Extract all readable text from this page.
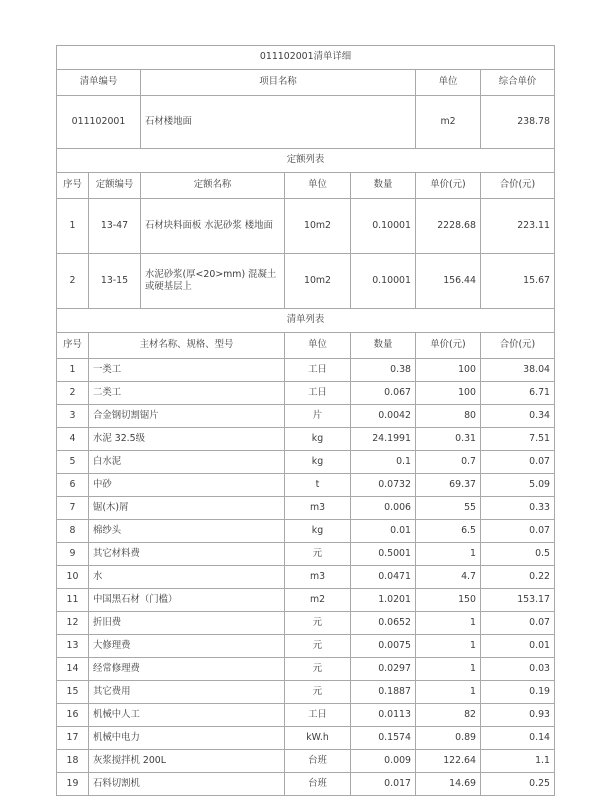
011102001清单详细						
清单编号		项目名称			单位	综合单价
011102001		石材楼地面			m2	238.78
定额列表						
序号	定额编号	定额名称	单位	数量	单价(元)	合价(元)
1	13-47	石材块料面板 水泥砂浆 楼地面	10m2	0.10001	2228.68	223.11
2	13-15	水泥砂浆(厚<20>mm) 混凝土或硬基层上	10m2	0.10001	156.44	15.67
清单列表						
序号	主材名称、规格、型号		单位	数量	单价(元)	合价(元)
1	一类工		工日	0.38	100	38.04
2	二类工		工日	0.067	100	6.71
3	合金钢切割锯片		片	0.0042	80	0.34
4	水泥 32.5级		kg	24.1991	0.31	7.51
5	白水泥		kg	0.1	0.7	0.07
6	中砂		t	0.0732	69.37	5.09
7	锯(木)屑		m3	0.006	55	0.33
8	棉纱头		kg	0.01	6.5	0.07
9	其它材料费		元	0.5001	1	0.5
10	水		m3	0.0471	4.7	0.22
11	中国黑石材（门槛）		m2	1.0201	150	153.17
12	折旧费		元	0.0652	1	0.07
13	大修理费		元	0.0075	1	0.01
14	经常修理费		元	0.0297	1	0.03
15	其它费用		元	0.1887	1	0.19
16	机械中人工		工日	0.0113	82	0.93
17	机械中电力		kW.h	0.1574	0.89	0.14
18	灰浆搅拌机 200L		台班	0.009	122.64	1.1
19	石料切割机		台班	0.017	14.69	0.25
